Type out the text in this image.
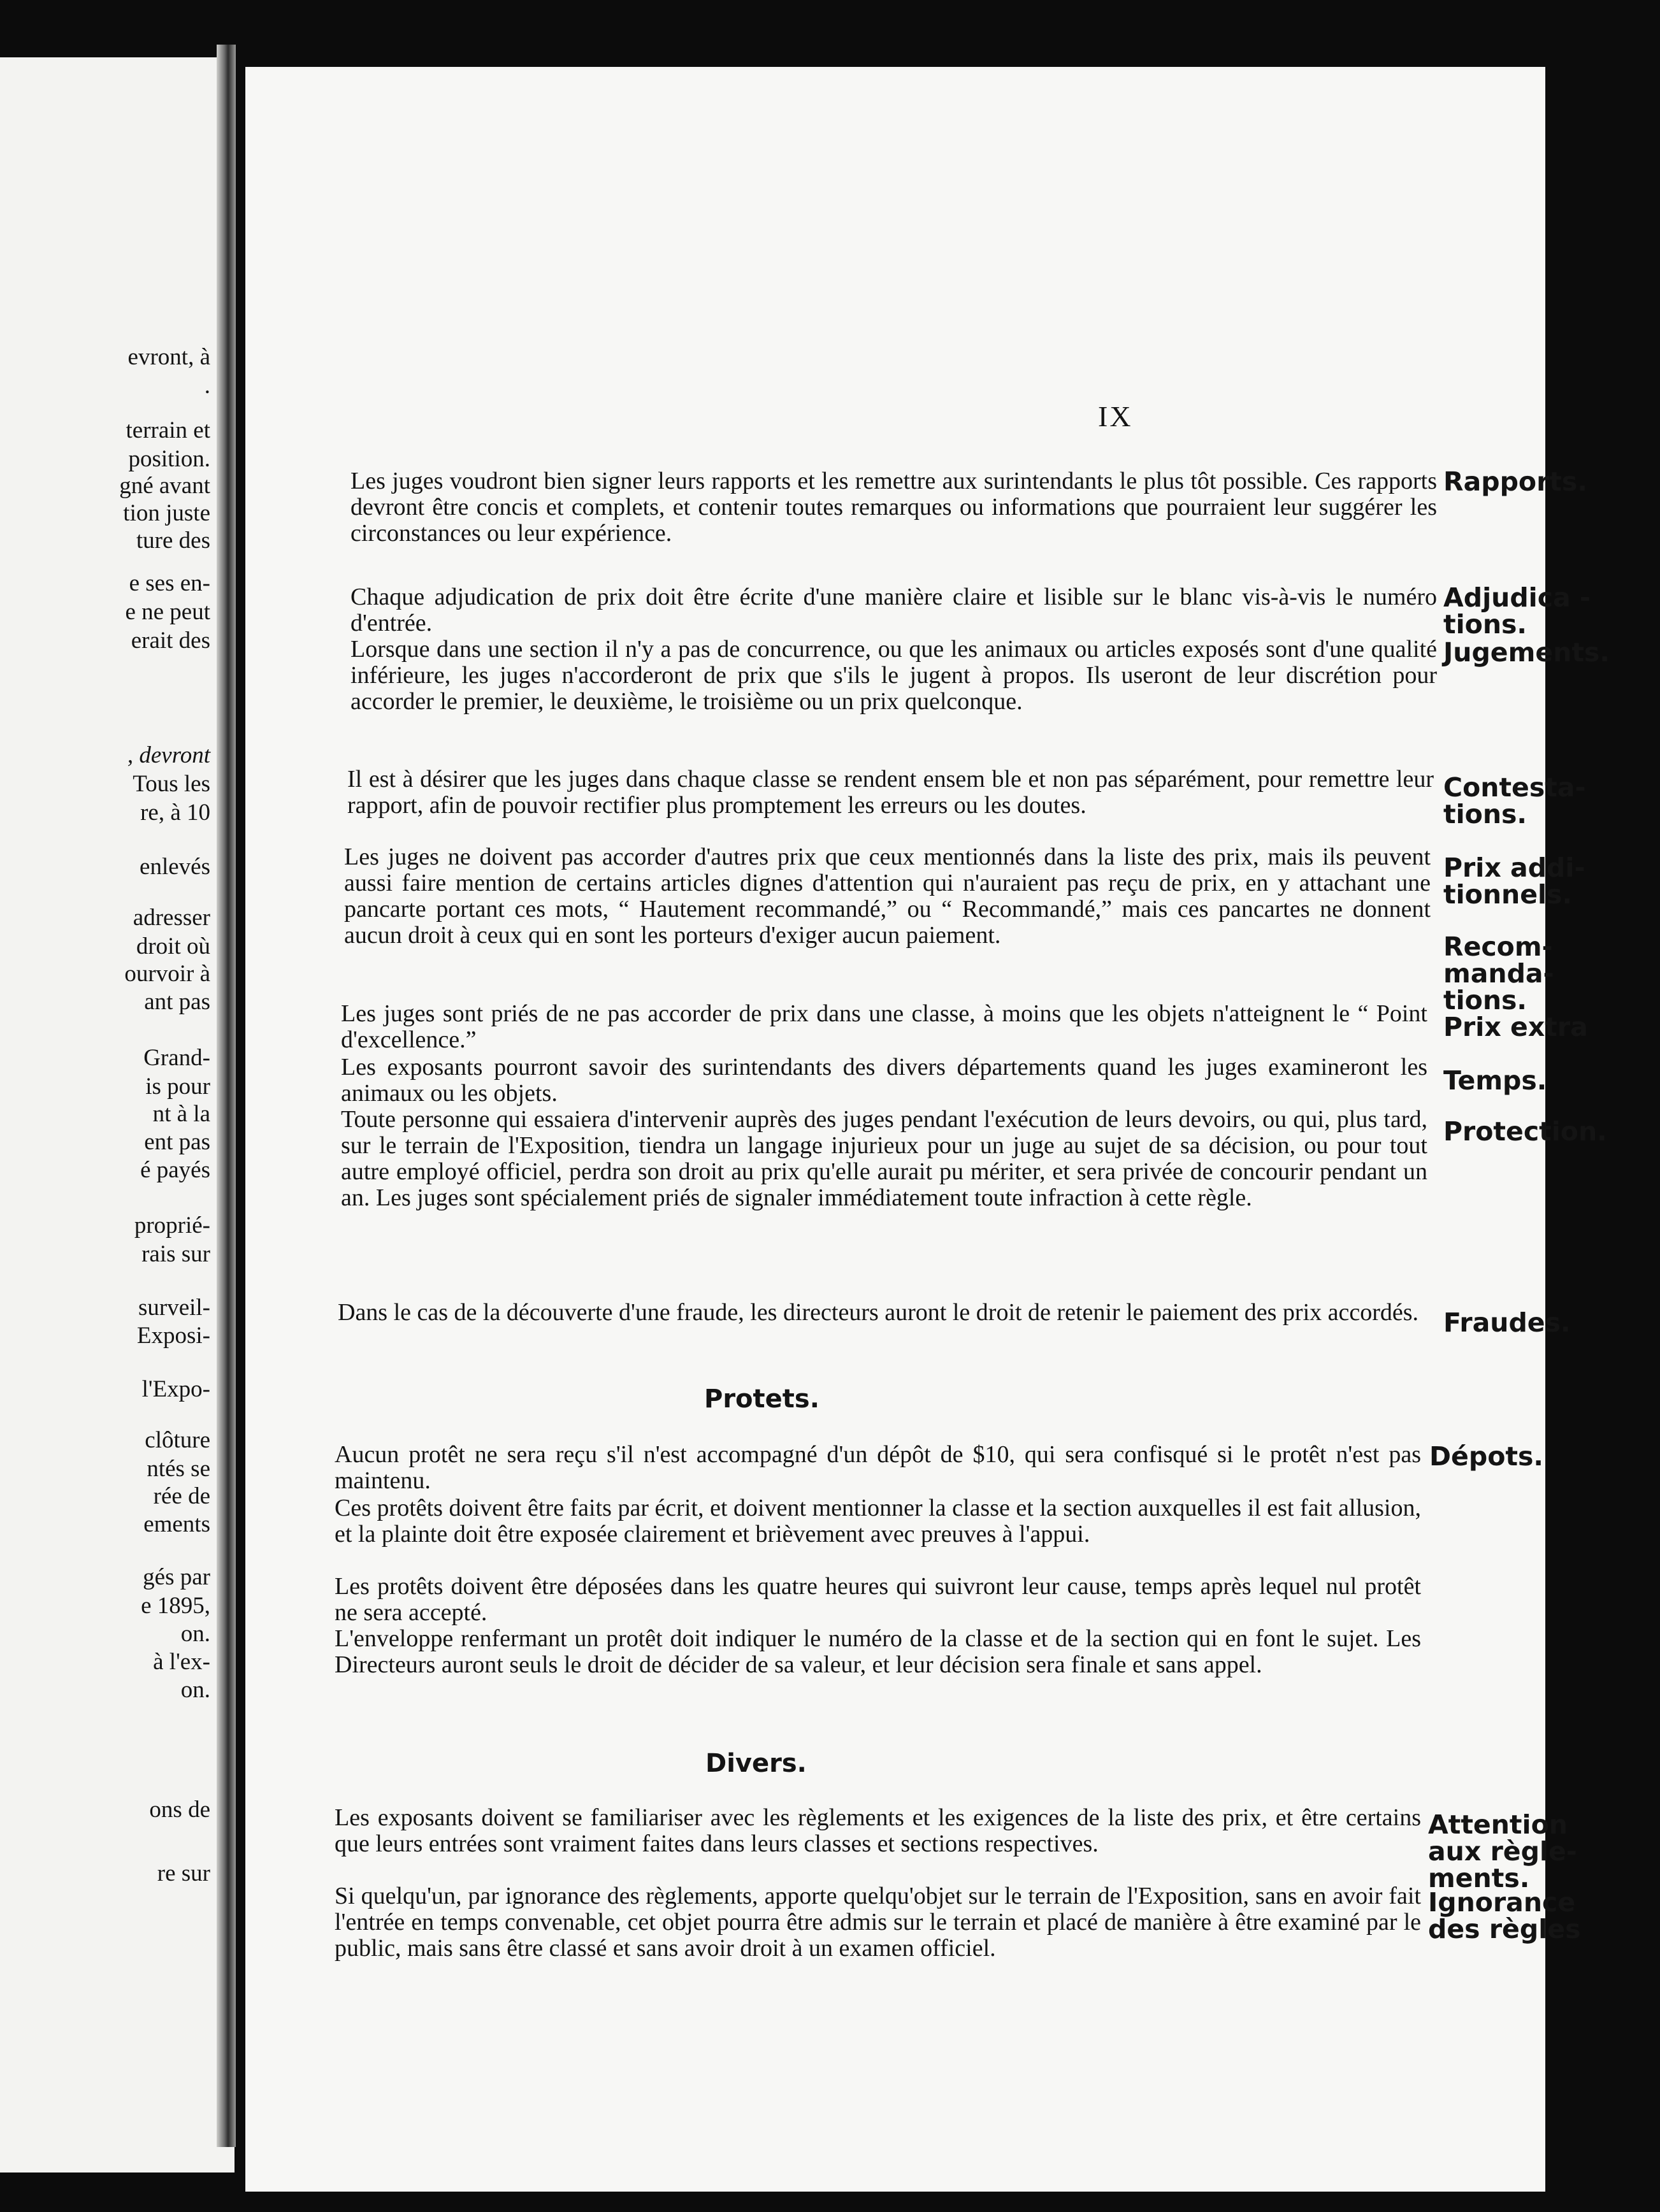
evront, à
.
terrain et
position.
gné avant
tion juste
ture des
e ses en-
e ne peut
erait des
, devront
Tous les
re, à 10
enlevés
adresser
droit où
ourvoir à
ant pas
Grand-
is pour
nt à la
ent pas
é payés
proprié-
rais sur
surveil-
Exposi-
l'Expo-
clôture
ntés se
rée de
ements
gés par
e 1895,
on.
à l'ex-
on.
ons de
re sur
IX

Les juges voudront bien signer leurs rapports et les remettre aux surintendants le plus tôt possible. Ces rapports devront être concis et complets, et contenir toutes remarques ou informations que pourraient leur suggérer les circonstances ou leur expérience.

Chaque adjudication de prix doit être écrite d'une manière claire et lisible sur le blanc vis-à-vis le numéro d'entrée.

Lorsque dans une section il n'y a pas de concurrence, ou que les animaux ou articles exposés sont d'une qualité inférieure, les juges n'accorderont de prix que s'ils le jugent à propos. Ils useront de leur discrétion pour accorder le premier, le deuxième, le troisième ou un prix quelconque.

Il est à désirer que les juges dans chaque classe se rendent ensem ble et non pas séparément, pour remettre leur rapport, afin de pouvoir rectifier plus promptement les erreurs ou les doutes.

Les juges ne doivent pas accorder d'autres prix que ceux mentionnés dans la liste des prix, mais ils peuvent aussi faire mention de certains articles dignes d'attention qui n'auraient pas reçu de prix, en y attachant une pancarte portant ces mots, “ Hautement recommandé,” ou “ Recommandé,” mais ces pancartes ne donnent aucun droit à ceux qui en sont les porteurs d'exiger aucun paiement.

Les juges sont priés de ne pas accorder de prix dans une classe, à moins que les objets n'atteignent le “ Point d'excellence.”

Les exposants pourront savoir des surintendants des divers départements quand les juges examineront les animaux ou les objets.

Toute personne qui essaiera d'intervenir auprès des juges pendant l'exécution de leurs devoirs, ou qui, plus tard, sur le terrain de l'Exposition, tiendra un langage injurieux pour un juge au sujet de sa décision, ou pour tout autre employé officiel, perdra son droit au prix qu'elle aurait pu mériter, et sera privée de concourir pendant un an. Les juges sont spécialement priés de signaler immédiatement toute infraction à cette règle.

Dans le cas de la découverte d'une fraude, les directeurs auront le droit de retenir le paiement des prix accordés.

Protets.

Aucun protêt ne sera reçu s'il n'est accompagné d'un dépôt de $10, qui sera confisqué si le protêt n'est pas maintenu.

Ces protêts doivent être faits par écrit, et doivent mentionner la classe et la section auxquelles il est fait allusion, et la plainte doit être exposée clairement et brièvement avec preuves à l'appui.

Les protêts doivent être déposées dans les quatre heures qui suivront leur cause, temps après lequel nul protêt ne sera accepté.

L'enveloppe renfermant un protêt doit indiquer le numéro de la classe et de la section qui en font le sujet. Les Directeurs auront seuls le droit de décider de sa valeur, et leur décision sera finale et sans appel.

Divers.

Les exposants doivent se familiariser avec les règlements et les exigences de la liste des prix, et être certains que leurs entrées sont vraiment faites dans leurs classes et sections respectives.

Si quelqu'un, par ignorance des règlements, apporte quelqu'objet sur le terrain de l'Exposition, sans en avoir fait l'entrée en temps convenable, cet objet pourra être admis sur le terrain et placé de manière à être examiné par le public, mais sans être classé et sans avoir droit à un examen officiel.

Rapports.
Adjudica -
tions.
Jugements.
Contesta-
tions.
Prix addi-
tionnels.
Recom-
manda-
tions.
Prix extra
Temps.
Protection.
Fraudes.
Dépots.
Attention
aux règle-
ments.
Ignorance
des règles
